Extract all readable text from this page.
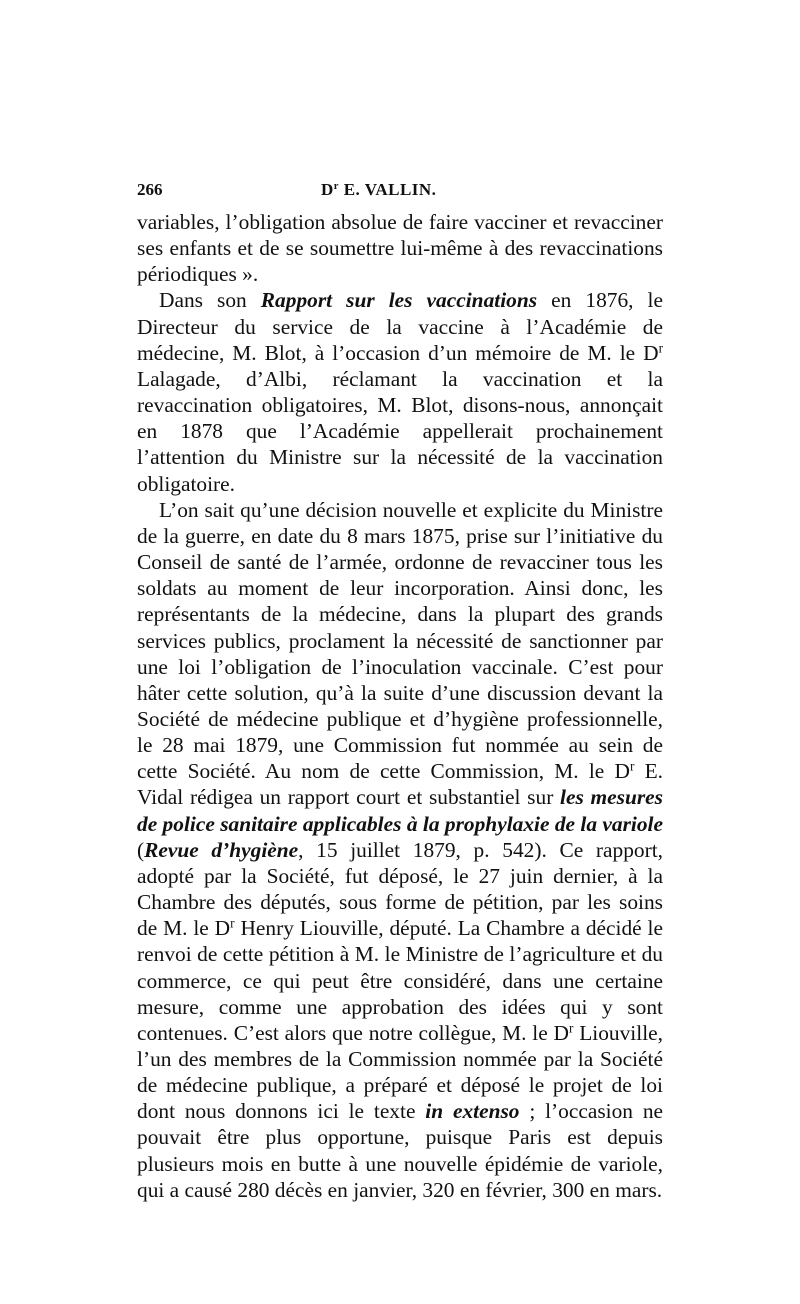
266	$D^r$ E. VALLIN.

variables, l’obligation absolue de faire vacciner et revacciner ses enfants et de se soumettre lui-même à des revaccinations périodiques ».

Dans son Rapport sur les vaccinations en 1876, le Directeur du service de la vaccine à l’Académie de médecine, M. Blot, à l’occasion d’un mémoire de M. le $D^r$ Lalagade, d’Albi, réclamant la vaccination et la revaccination obligatoires, M. Blot, disons-nous, annonçait en 1878 que l’Académie appellerait prochainement l’attention du Ministre sur la nécessité de la vaccination obligatoire.

L’on sait qu’une décision nouvelle et explicite du Ministre de la guerre, en date du 8 mars 1875, prise sur l’initiative du Conseil de santé de l’armée, ordonne de revacciner tous les soldats au moment de leur incorporation. Ainsi donc, les représentants de la médecine, dans la plupart des grands services publics, proclament la nécessité de sanctionner par une loi l’obligation de l’inoculation vaccinale. C’est pour hâter cette solution, qu’à la suite d’une discussion devant la Société de médecine publique et d’hygiène professionnelle, le 28 mai 1879, une Commission fut nommée au sein de cette Société. Au nom de cette Commission, M. le $D^r$ E. Vidal rédigea un rapport court et substantiel sur les mesures de police sanitaire applicables à la prophylaxie de la variole (Revue d’hygiène, 15 juillet 1879, p. 542). Ce rapport, adopté par la Société, fut déposé, le 27 juin dernier, à la Chambre des députés, sous forme de pétition, par les soins de M. le $D^r$ Henry Liouville, député. La Chambre a décidé le renvoi de cette pétition à M. le Ministre de l’agriculture et du commerce, ce qui peut être considéré, dans une certaine mesure, comme une approbation des idées qui y sont contenues. C’est alors que notre collègue, M. le $D^r$ Liouville, l’un des membres de la Commission nommée par la Société de médecine publique, a préparé et déposé le projet de loi dont nous donnons ici le texte in extenso ; l’occasion ne pouvait être plus opportune, puisque Paris est depuis plusieurs mois en butte à une nouvelle épidémie de variole, qui a causé 280 décès en janvier, 320 en février, 300 en mars.
